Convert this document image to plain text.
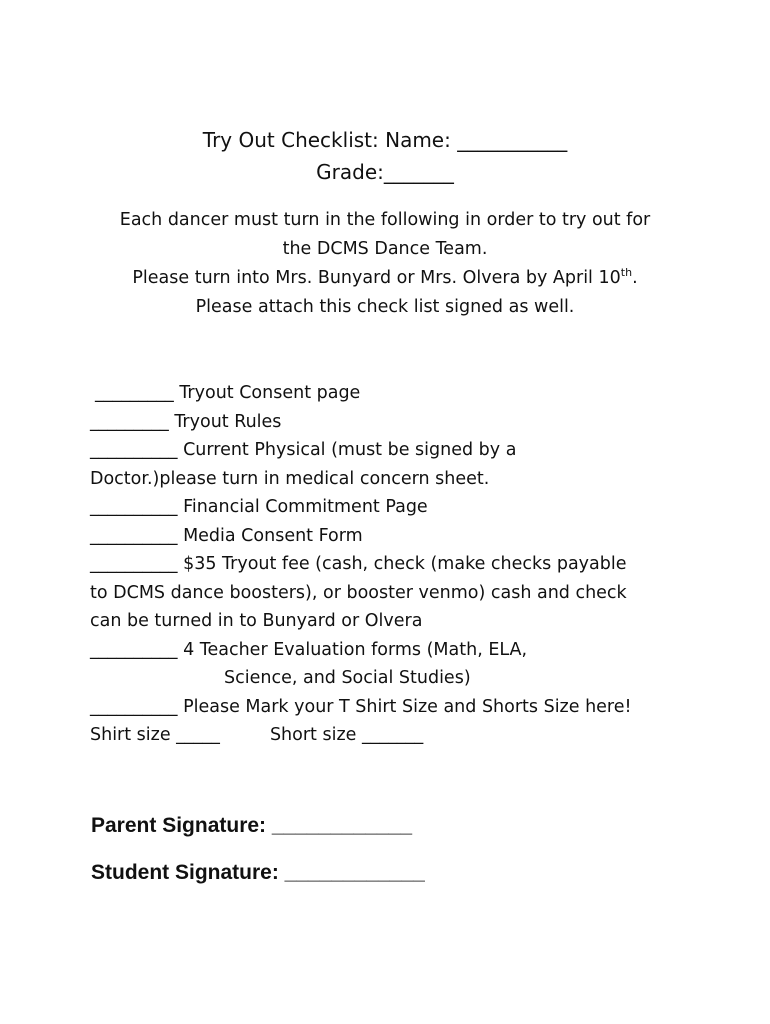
Try Out Checklist: Name: ___________
Grade:_______
Each dancer must turn in the following in order to try out for
the DCMS Dance Team.
Please turn into Mrs. Bunyard or Mrs. Olvera by April 10th.
Please attach this check list signed as well.
_________ Tryout Consent page
_________ Tryout Rules
__________ Current Physical (must be signed by a
Doctor.)please turn in medical concern sheet.
__________ Financial Commitment Page
__________ Media Consent Form
__________ $35 Tryout fee (cash, check (make checks payable
to DCMS dance boosters), or booster venmo) cash and check
can be turned in to Bunyard or Olvera
__________ 4 Teacher Evaluation forms (Math, ELA,
Science, and Social Studies)
__________ Please Mark your T Shirt Size and Shorts Size here!
Shirt size _____	Short size _______
Parent Signature: ____________
Student Signature: ____________
